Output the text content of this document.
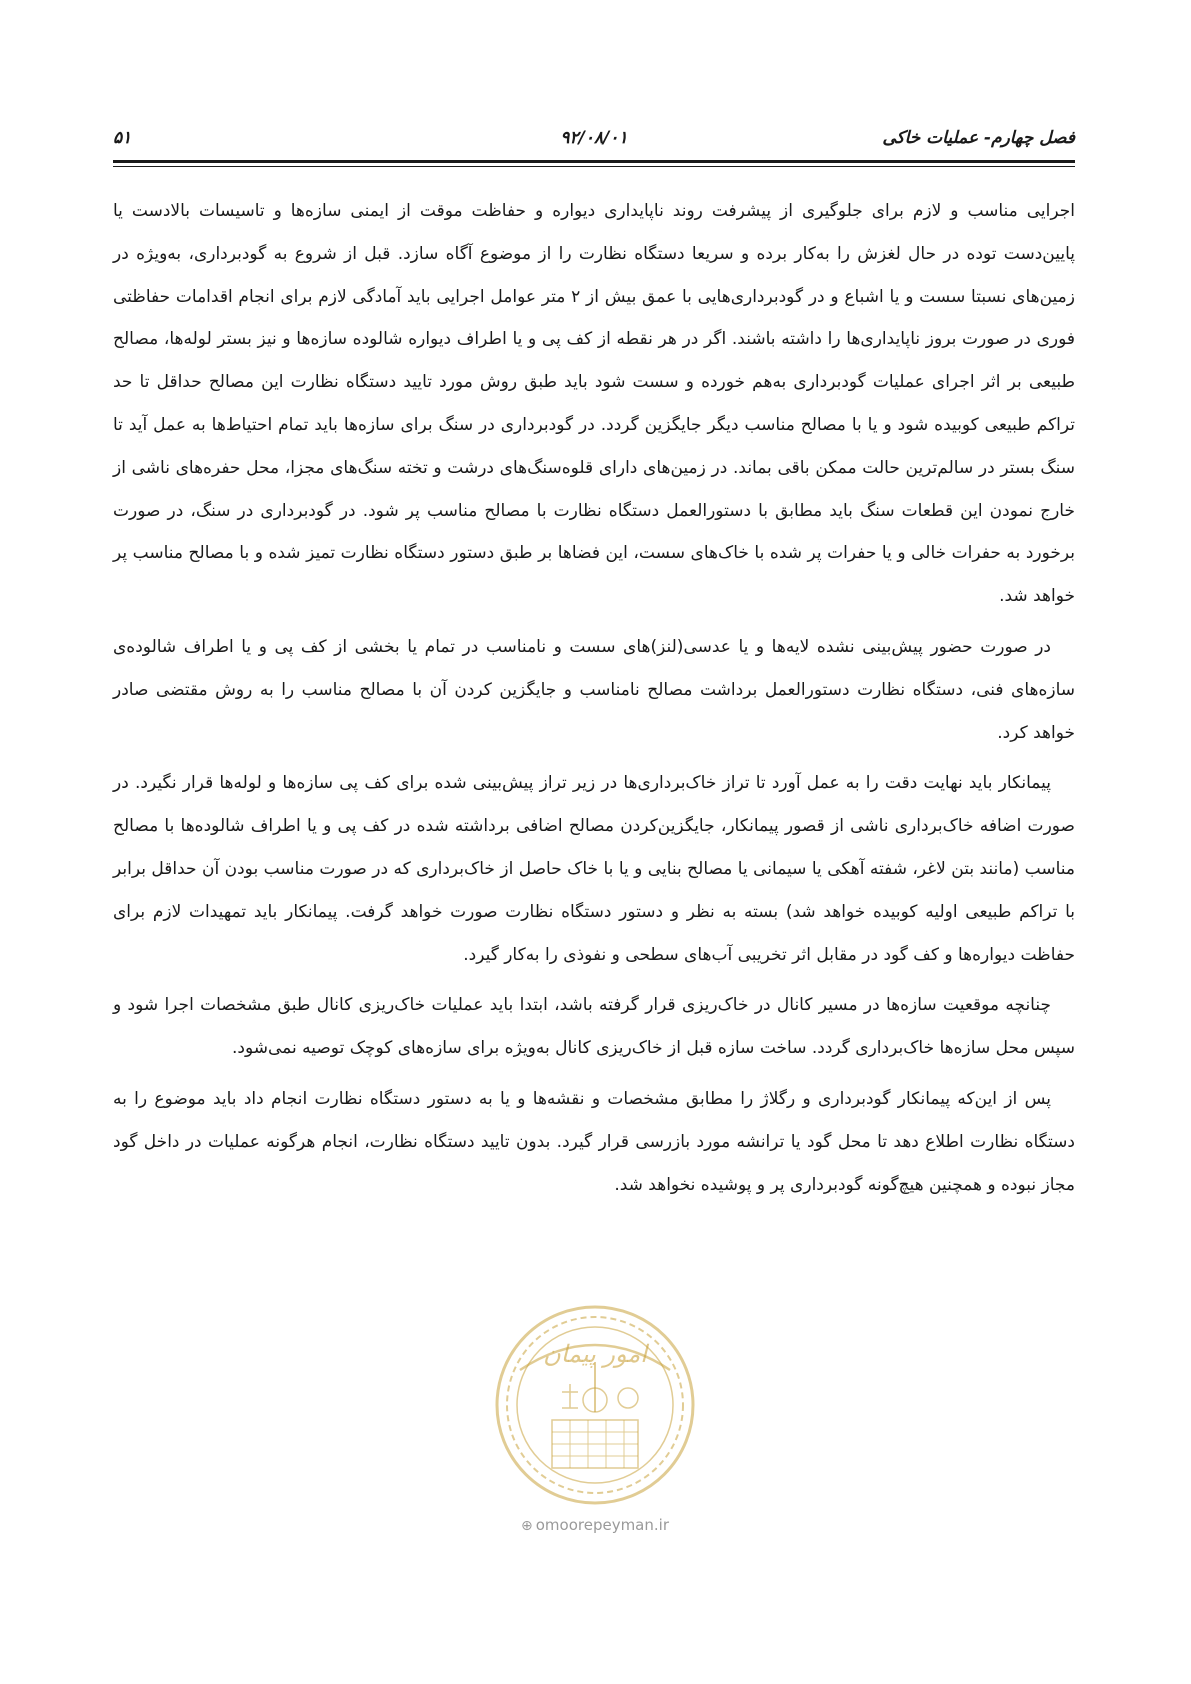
فصل چهارم- عملیات خاکی
۹۲/۰۸/۰۱
۵۱

اجرایی مناسب و لازم برای جلوگیری از پیشرفت روند ناپایداری دیواره و حفاظت موقت از ایمنی سازه‌ها و تاسیسات بالادست یا پایین‌دست توده در حال لغزش را به‌کار برده و سریعا دستگاه نظارت را از موضوع آگاه سازد. قبل از شروع به گودبرداری، به‌ویژه در زمین‌های نسبتا سست و یا اشباع و در گودبرداری‌هایی با عمق بیش از ۲ متر عوامل اجرایی باید آمادگی لازم برای انجام اقدامات حفاظتی فوری در صورت بروز ناپایداری‌ها را داشته باشند. اگر در هر نقطه از کف پی و یا اطراف دیواره شالوده سازه‌ها و نیز بستر لوله‌ها، مصالح طبیعی بر اثر اجرای عملیات گودبرداری به‌هم خورده و سست شود باید طبق روش مورد تایید دستگاه نظارت این مصالح حداقل تا حد تراکم طبیعی کوبیده شود و یا با مصالح مناسب دیگر جایگزین گردد. در گودبرداری در سنگ برای سازه‌ها باید تمام احتیاط‌ها به عمل آید تا سنگ بستر در سالم‌ترین حالت ممکن باقی بماند. در زمین‌های دارای قلوه‌سنگ‌های درشت و تخته سنگ‌های مجزا، محل حفره‌های ناشی از خارج نمودن این قطعات سنگ باید مطابق با دستورالعمل دستگاه نظارت با مصالح مناسب پر شود. در گودبرداری در سنگ، در صورت برخورد به حفرات خالی و یا حفرات پر شده با خاک‌های سست، این فضاها بر طبق دستور دستگاه نظارت تمیز شده و با مصالح مناسب پر خواهد شد.

در صورت حضور پیش‌بینی نشده لایه‌ها و یا عدسی(لنز)های سست و نامناسب در تمام یا بخشی از کف پی و یا اطراف شالوده‌ی سازه‌های فنی، دستگاه نظارت دستورالعمل برداشت مصالح نامناسب و جایگزین کردن آن با مصالح مناسب را به روش مقتضی صادر خواهد کرد.

پیمانکار باید نهایت دقت را به عمل آورد تا تراز خاک‌برداری‌ها در زیر تراز پیش‌بینی شده برای کف پی سازه‌ها و لوله‌ها قرار نگیرد. در صورت اضافه خاک‌برداری ناشی از قصور پیمانکار، جایگزین‌کردن مصالح اضافی برداشته شده در کف پی و یا اطراف شالوده‌ها با مصالح مناسب (مانند بتن لاغر، شفته آهکی یا سیمانی یا مصالح بنایی و یا با خاک حاصل از خاک‌برداری که در صورت مناسب بودن آن حداقل برابر با تراکم طبیعی اولیه کوبیده خواهد شد) بسته به نظر و دستور دستگاه نظارت صورت خواهد گرفت. پیمانکار باید تمهیدات لازم برای حفاظت دیواره‌ها و کف گود در مقابل اثر تخریبی آب‌های سطحی و نفوذی را به‌کار گیرد.

چنانچه موقعیت سازه‌ها در مسیر کانال در خاک‌ریزی قرار گرفته باشد، ابتدا باید عملیات خاک‌ریزی کانال طبق مشخصات اجرا شود و سپس محل سازه‌ها خاک‌برداری گردد. ساخت سازه قبل از خاک‌ریزی کانال به‌ویژه برای سازه‌های کوچک توصیه نمی‌شود.

پس از این‌که پیمانکار گودبرداری و رگلاژ را مطابق مشخصات و نقشه‌ها و یا به دستور دستگاه نظارت انجام داد باید موضوع را به دستگاه نظارت اطلاع دهد تا محل گود یا ترانشه مورد بازرسی قرار گیرد. بدون تایید دستگاه نظارت، انجام هرگونه عملیات در داخل گود مجاز نبوده و همچنین هیچ‌گونه گودبرداری پر و پوشیده نخواهد شد.

امور پیمان
⊕ omoorepeyman.ir
